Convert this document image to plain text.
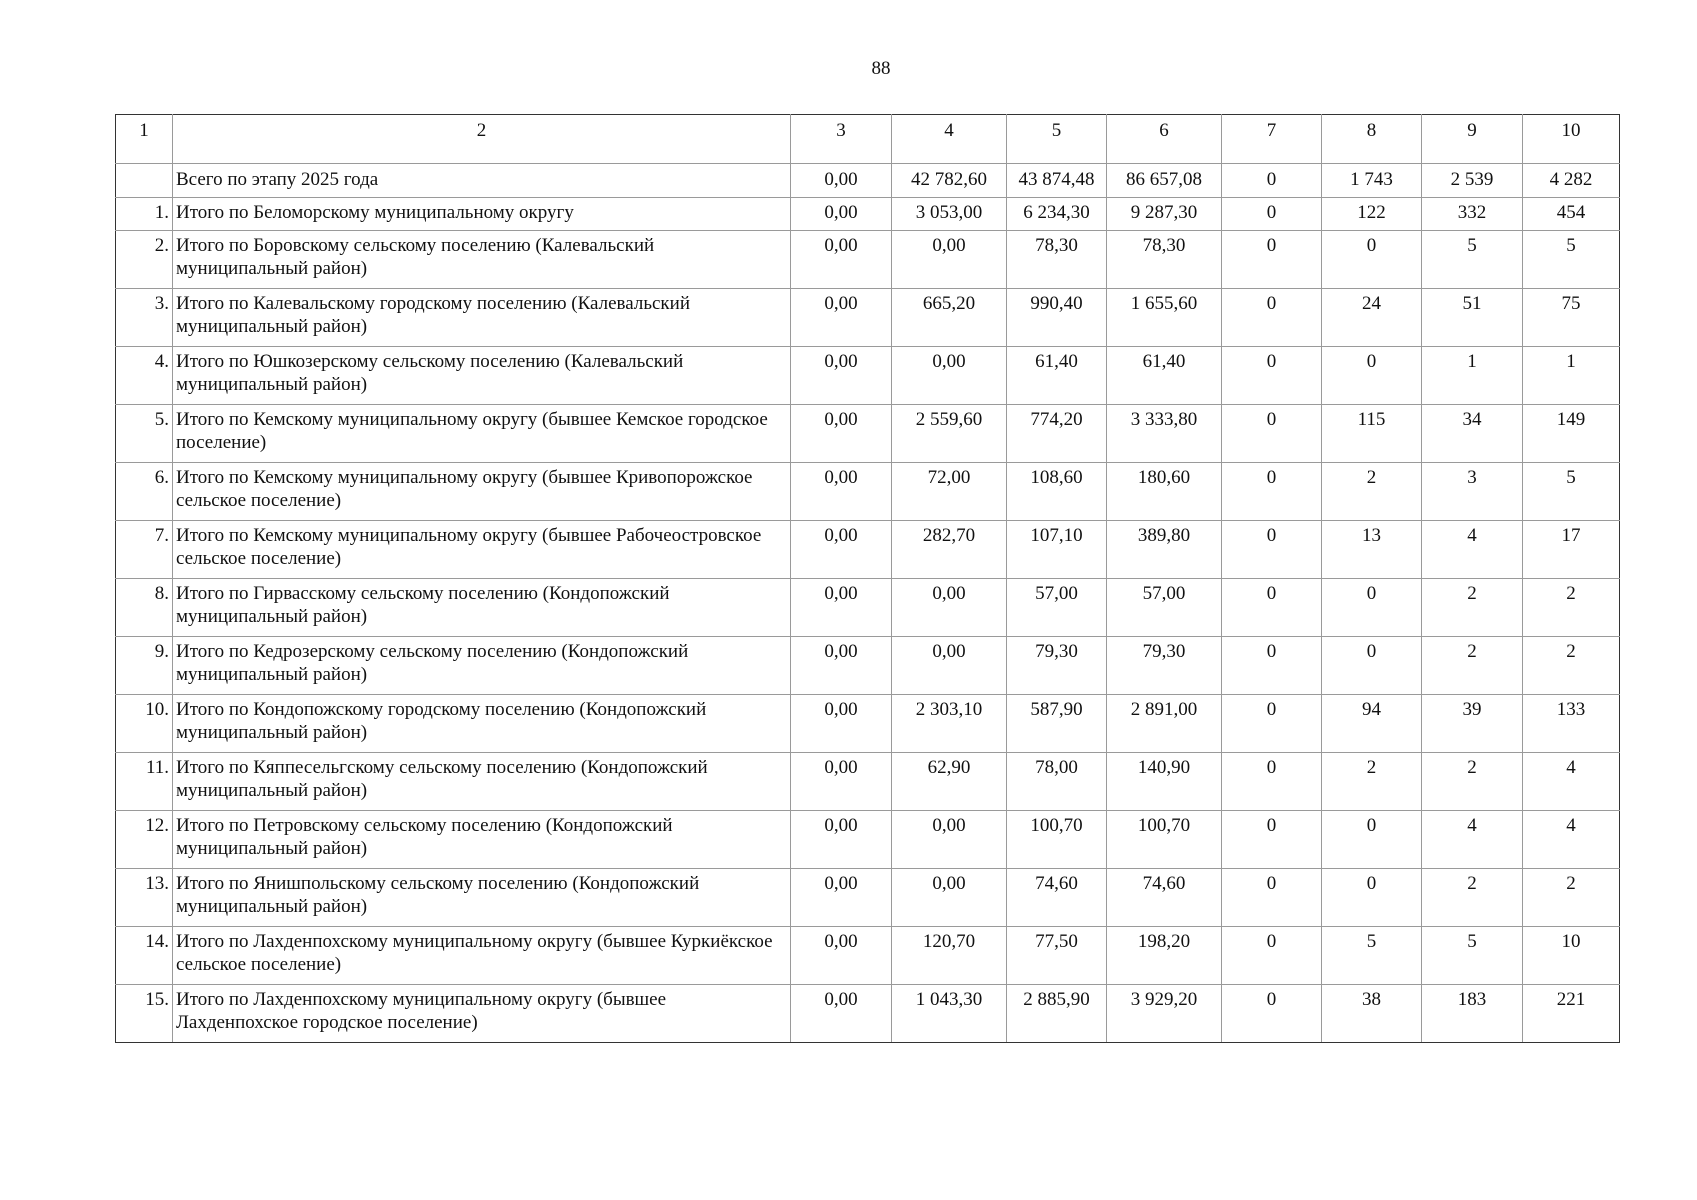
88
1	2	3	4	5	6	7	8	9	10
	Всего по этапу 2025 года	0,00	42 782,60	43 874,48	86 657,08	0	1 743	2 539	4 282
1.	Итого по Беломорскому муниципальному округу	0,00	3 053,00	6 234,30	9 287,30	0	122	332	454
2.	Итого по Боровскому сельскому поселению (Калевальский муниципальный район)	0,00	0,00	78,30	78,30	0	0	5	5
3.	Итого по Калевальскому городскому поселению (Калевальский муниципальный район)	0,00	665,20	990,40	1 655,60	0	24	51	75
4.	Итого по Юшкозерскому сельскому поселению (Калевальский муниципальный район)	0,00	0,00	61,40	61,40	0	0	1	1
5.	Итого по Кемскому муниципальному округу (бывшее Кемское городское поселение)	0,00	2 559,60	774,20	3 333,80	0	115	34	149
6.	Итого по Кемскому муниципальному округу (бывшее Кривопорожское сельское поселение)	0,00	72,00	108,60	180,60	0	2	3	5
7.	Итого по Кемскому муниципальному округу (бывшее Рабочеостровское сельское поселение)	0,00	282,70	107,10	389,80	0	13	4	17
8.	Итого по Гирвасскому сельскому поселению (Кондопожский муниципальный район)	0,00	0,00	57,00	57,00	0	0	2	2
9.	Итого по Кедрозерскому сельскому поселению (Кондопожский муниципальный район)	0,00	0,00	79,30	79,30	0	0	2	2
10.	Итого по Кондопожскому городскому поселению (Кондопожский муниципальный район)	0,00	2 303,10	587,90	2 891,00	0	94	39	133
11.	Итого по Кяппесельгскому сельскому поселению (Кондопожский муниципальный район)	0,00	62,90	78,00	140,90	0	2	2	4
12.	Итого по Петровскому сельскому поселению (Кондопожский муниципальный район)	0,00	0,00	100,70	100,70	0	0	4	4
13.	Итого по Янишпольскому сельскому поселению (Кондопожский муниципальный район)	0,00	0,00	74,60	74,60	0	0	2	2
14.	Итого по Лахденпохскому муниципальному округу (бывшее Куркиёкское сельское поселение)	0,00	120,70	77,50	198,20	0	5	5	10
15.	Итого по Лахденпохскому муниципальному округу (бывшее Лахденпохское городское поселение)	0,00	1 043,30	2 885,90	3 929,20	0	38	183	221
